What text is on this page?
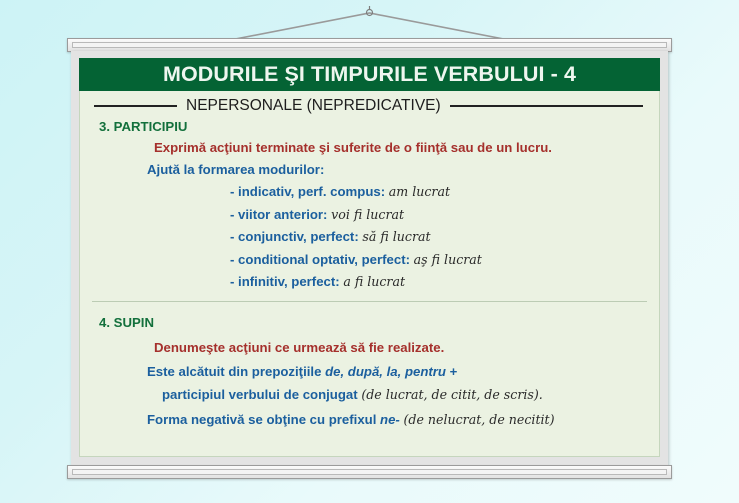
MODURILE ŞI TIMPURILE VERBULUI - 4
NEPERSONALE (NEPREDICATIVE)
3. PARTICIPIU
Exprimă acţiuni terminate şi suferite de o fiinţă sau de un lucru.
Ajută la formarea modurilor:
- indicativ, perf. compus: am lucrat
- viitor anterior: voi fi lucrat
- conjunctiv, perfect: să fi lucrat
- conditional optativ, perfect: aş fi lucrat
- infinitiv, perfect: a fi lucrat
4. SUPIN
Denumeşte acţiuni ce urmează să fie realizate.
Este alcătuit din prepoziţiile de, după, la, pentru +
participiul verbului de conjugat (de lucrat, de citit, de scris).
Forma negativă se obţine cu prefixul ne- (de nelucrat, de necitit)
